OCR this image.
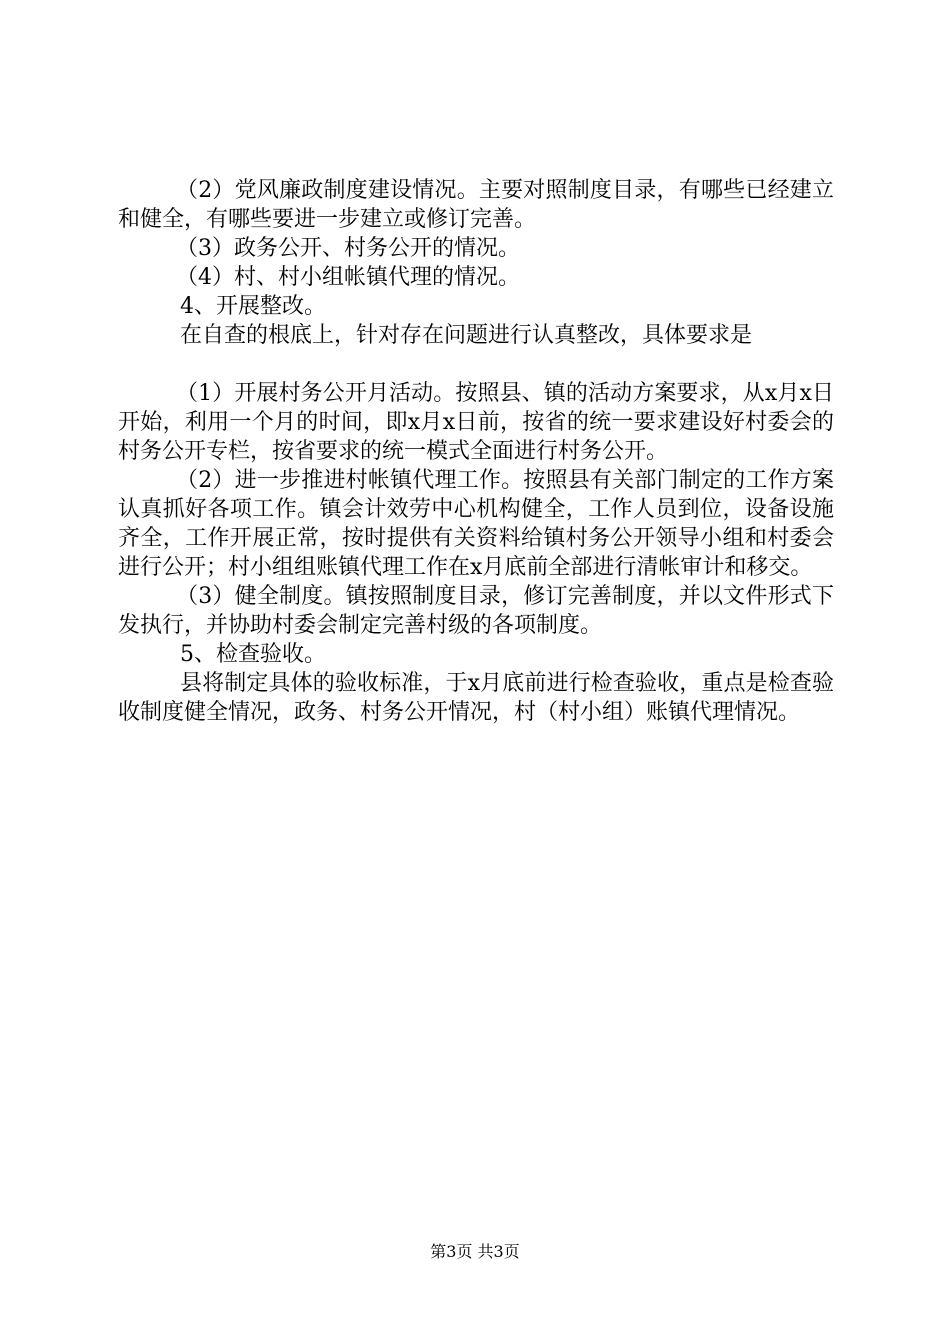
（2）党风廉政制度建设情况。主要对照制度目录，有哪些已经建立和健全，有哪些要进一步建立或修订完善。

（3）政务公开、村务公开的情况。

（4）村、村小组帐镇代理的情况。

4、开展整改。

在自查的根底上，针对存在问题进行认真整改，具体要求是

（1）开展村务公开月活动。按照县、镇的活动方案要求，从x月x日开始，利用一个月的时间，即x月x日前，按省的统一要求建设好村委会的村务公开专栏，按省要求的统一模式全面进行村务公开。

（2）进一步推进村帐镇代理工作。按照县有关部门制定的工作方案认真抓好各项工作。镇会计效劳中心机构健全，工作人员到位，设备设施齐全，工作开展正常，按时提供有关资料给镇村务公开领导小组和村委会进行公开；村小组组账镇代理工作在x月底前全部进行清帐审计和移交。

（3）健全制度。镇按照制度目录，修订完善制度，并以文件形式下发执行，并协助村委会制定完善村级的各项制度。

5、检查验收。

县将制定具体的验收标准，于x月底前进行检查验收，重点是检查验收制度健全情况，政务、村务公开情况，村（村小组）账镇代理情况。

第3页 共3页
